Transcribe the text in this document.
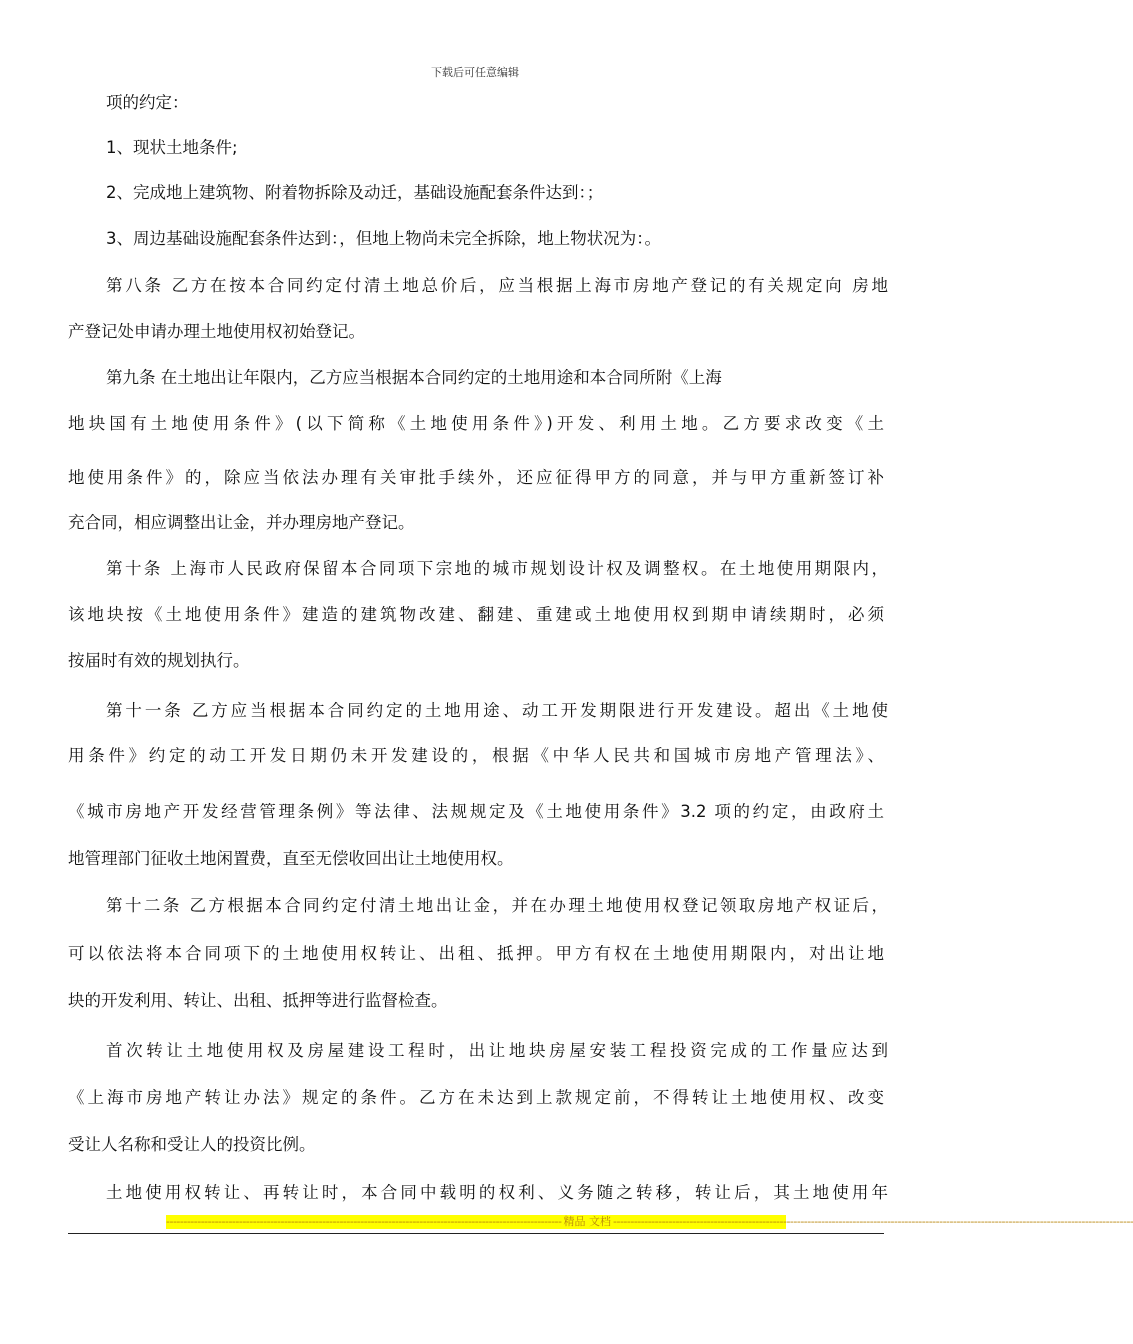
下载后可任意编辑
项的约定：
1、现状土地条件;
2、完成地上建筑物、附着物拆除及动迁，基础设施配套条件达到：；
3、周边基础设施配套条件达到：，但地上物尚未完全拆除，地上物状况为：。
第八条 乙方在按本合同约定付清土地总价后，应当根据上海市房地产登记的有关规定向 房地
产登记处申请办理土地使用权初始登记。
第九条 在土地出让年限内，乙方应当根据本合同约定的土地用途和本合同所附《上海
地块国有土地使用条件》(以下简称《土地使用条件》)开发、利用土地。乙方要求改变《土
地使用条件》的，除应当依法办理有关审批手续外，还应征得甲方的同意，并与甲方重新签订补
充合同，相应调整出让金，并办理房地产登记。
第十条 上海市人民政府保留本合同项下宗地的城市规划设计权及调整权。在土地使用期限内，
该地块按《土地使用条件》建造的建筑物改建、翻建、重建或土地使用权到期申请续期时，必须
按届时有效的规划执行。
第十一条 乙方应当根据本合同约定的土地用途、动工开发期限进行开发建设。超出《土地使
用条件》约定的动工开发日期仍未开发建设的，根据《中华人民共和国城市房地产管理法》、
《城市房地产开发经营管理条例》等法律、法规规定及《土地使用条件》3.2 项的约定，由政府土
地管理部门征收土地闲置费，直至无偿收回出让土地使用权。
第十二条 乙方根据本合同约定付清土地出让金，并在办理土地使用权登记领取房地产权证后，
可以依法将本合同项下的土地使用权转让、出租、抵押。甲方有权在土地使用期限内，对出让地
块的开发利用、转让、出租、抵押等进行监督检查。
首次转让土地使用权及房屋建设工程时，出让地块房屋安装工程投资完成的工作量应达到
《上海市房地产转让办法》规定的条件。乙方在未达到上款规定前，不得转让土地使用权、改变
受让人名称和受让人的投资比例。
土地使用权转让、再转让时，本合同中载明的权利、义务随之转移，转让后，其土地使用年
------------------------------------------------------------------------------------------------------------------ 精品 文档 ------------------------------------------------------------------------------------------------------------------------------------------------------
